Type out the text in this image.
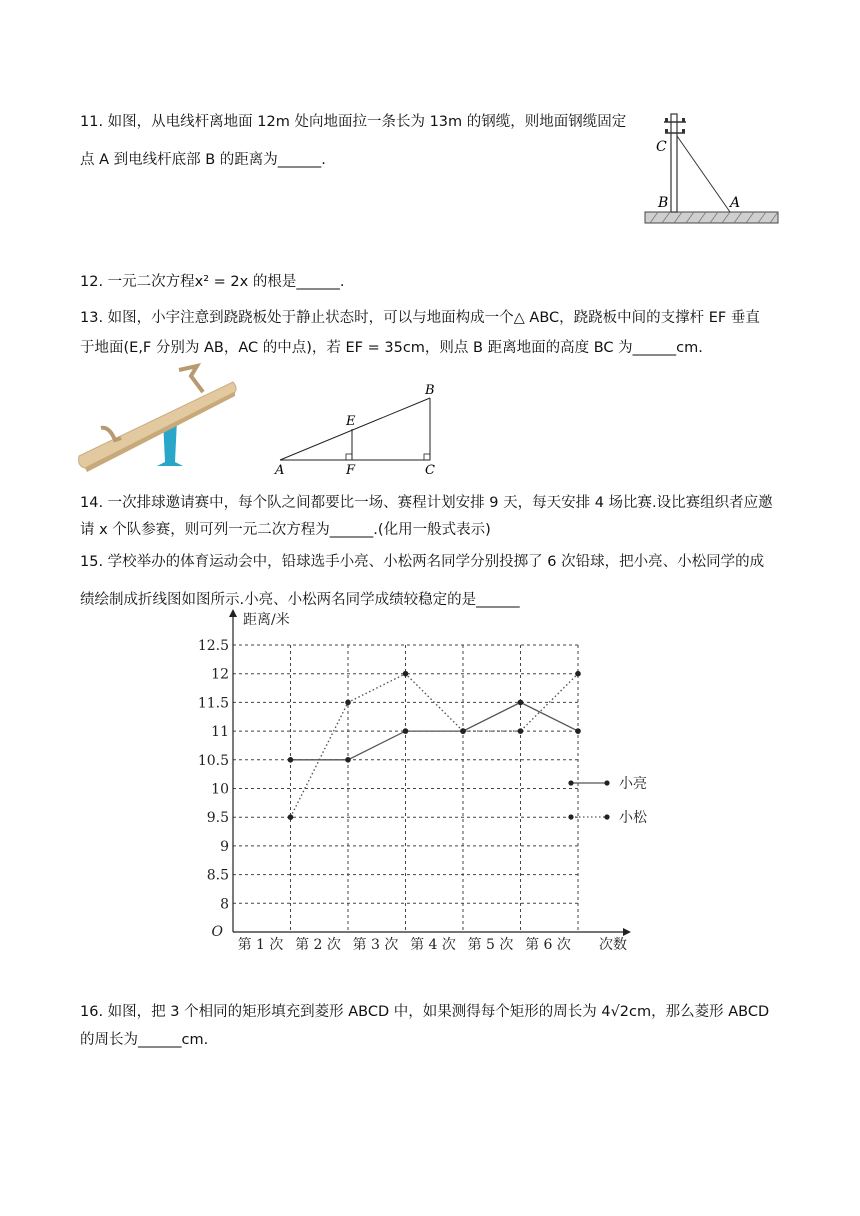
11. 如图，从电线杆离地面 12m 处向地面拉一条长为 13m 的钢缆，则地面钢缆固定
点 A 到电线杆底部 B 的距离为______.
C
B	A
12. 一元二次方程x² = 2x 的根是______.
13. 如图，小宇注意到跷跷板处于静止状态时，可以与地面构成一个△ ABC，跷跷板中间的支撑杆 EF 垂直
于地面(E,F 分别为 AB，AC 的中点)，若 EF = 35cm，则点 B 距离地面的高度 BC 为______cm.
A
B
C
E
F
14. 一次排球邀请赛中，每个队之间都要比一场、赛程计划安排 9 天，每天安排 4 场比赛.设比赛组织者应邀
请 x 个队参赛，则可列一元二次方程为______.(化用一般式表示)
15. 学校举办的体育运动会中，铅球选手小亮、小松两名同学分别投掷了 6 次铅球，把小亮、小松同学的成
绩绘制成折线图如图所示.小亮、小松两名同学成绩较稳定的是______
8
8.5
9
9.5
10
10.5
11
11.5
12
12.5
第 1 次 第 2 次 第 3 次 第 4 次 第 5 次 第 6 次 次数
距离/米
O
小亮
小松
16. 如图，把 3 个相同的矩形填充到菱形 ABCD 中，如果测得每个矩形的周长为 4√2cm，那么菱形 ABCD
的周长为______cm.
